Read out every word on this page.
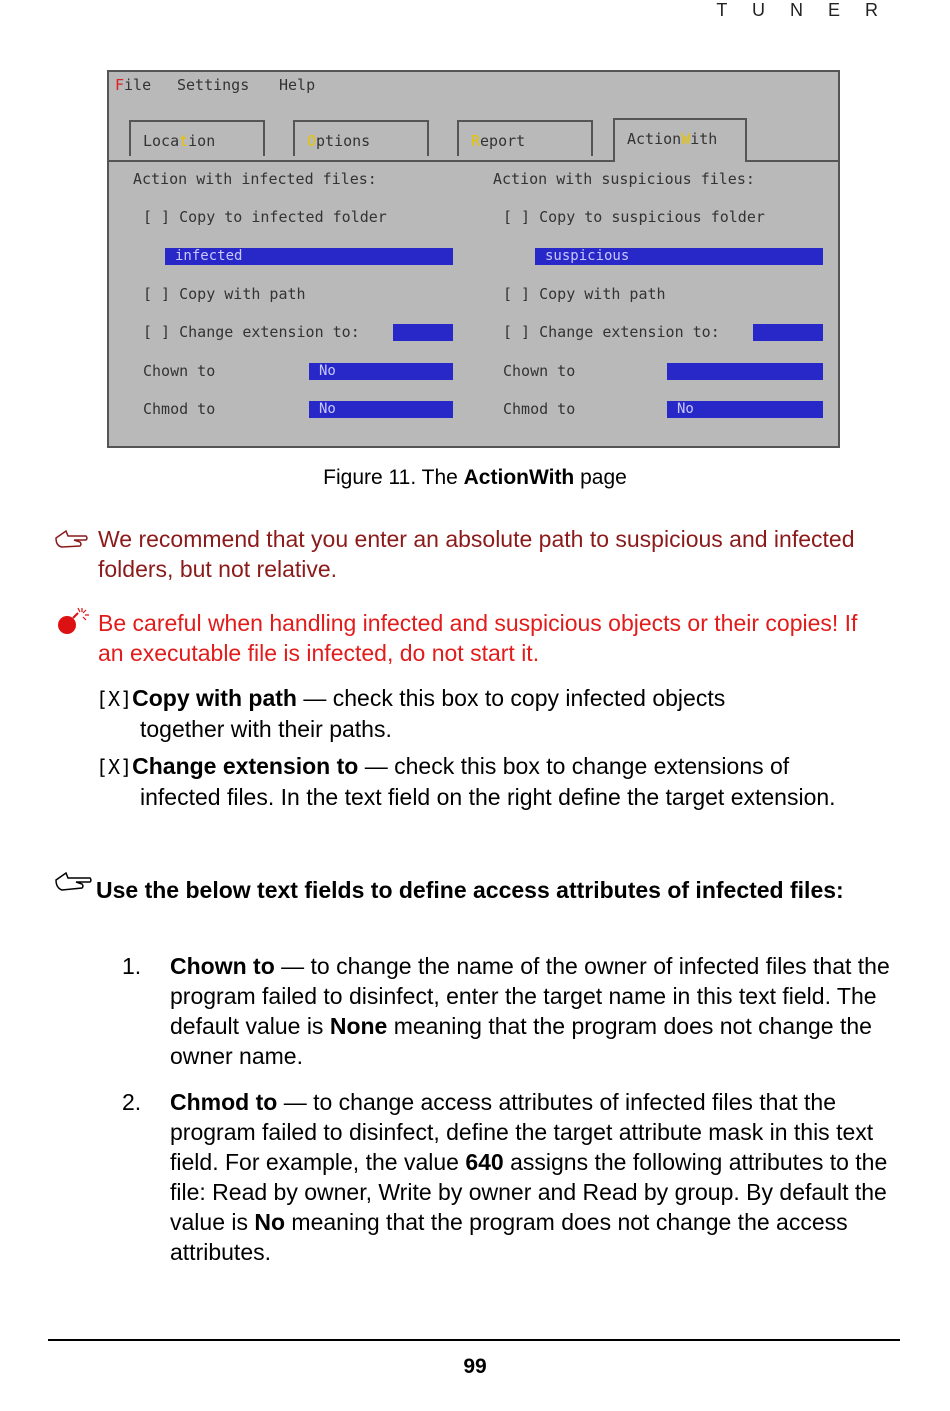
T U N E R
File Settings Help
Location	Options	Report	ActionWith
Action with infected files:
[ ] Copy to infected folder
infected
[ ] Copy with path
[ ] Change extension to:
Chown to	No
Chmod to	No
Action with suspicious files:
[ ] Copy to suspicious folder
suspicious
[ ] Copy with path
[ ] Change extension to:
Chown to
Chmod to	No
Figure 11. The ActionWith page
We recommend that you enter an absolute path to suspicious and infected folders, but not relative.
Be careful when handling infected and suspicious objects or their copies! If an executable file is infected, do not start it.
[X]Copy with path — check this box to copy infected objects
together with their paths.
[X]Change extension to — check this box to change extensions of
infected files. In the text field on the right define the target extension.
Use the below text fields to define access attributes of infected files:
1. Chown to — to change the name of the owner of infected files that the program failed to disinfect, enter the target name in this text field. The default value is None meaning that the program does not change the owner name.
2. Chmod to — to change access attributes of infected files that the program failed to disinfect, define the target attribute mask in this text field. For example, the value 640 assigns the following attributes to the file: Read by owner, Write by owner and Read by group. By default the value is No meaning that the program does not change the access attributes.
99
